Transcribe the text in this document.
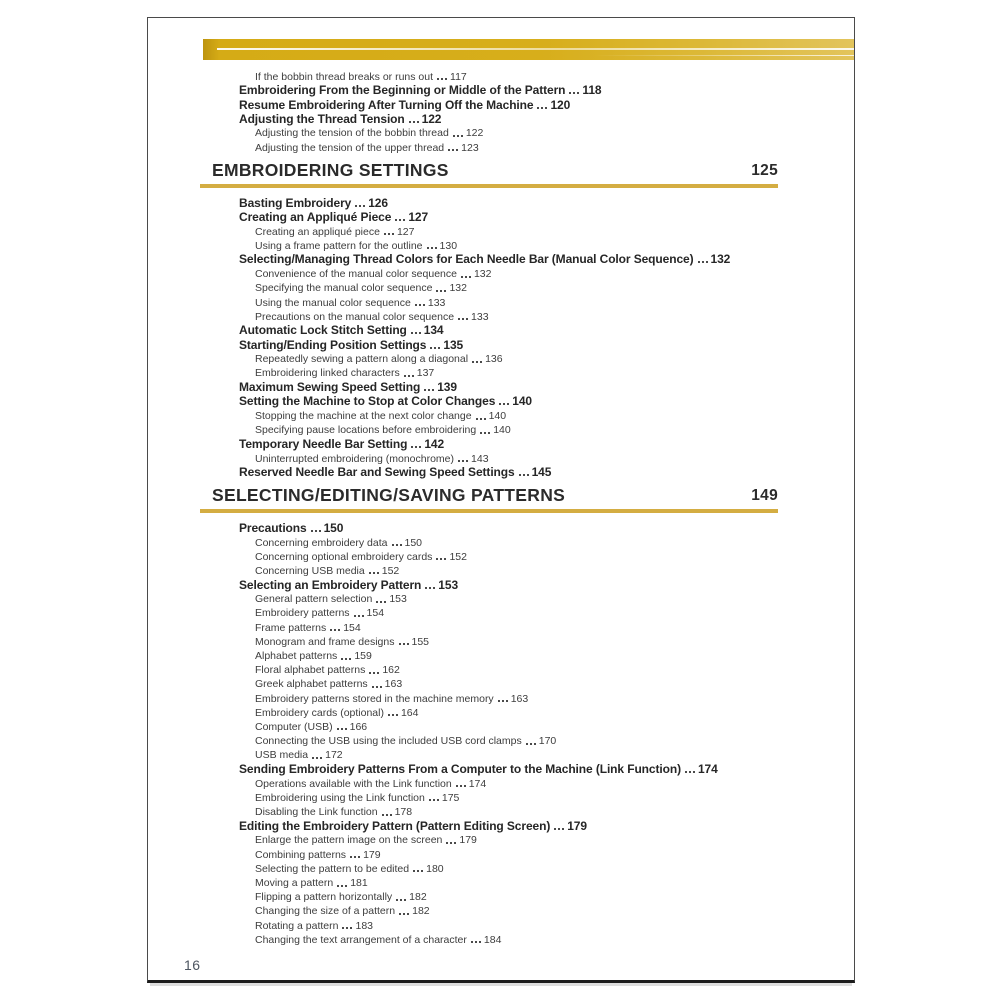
If the bobbin thread breaks or runs out 117
Embroidering From the Beginning or Middle of the Pattern 118
Resume Embroidering After Turning Off the Machine 120
Adjusting the Thread Tension 122
Adjusting the tension of the bobbin thread 122
Adjusting the tension of the upper thread 123
EMBROIDERING SETTINGS	125
Basting Embroidery 126
Creating an Appliqué Piece 127
Creating an appliqué piece 127
Using a frame pattern for the outline 130
Selecting/Managing Thread Colors for Each Needle Bar (Manual Color Sequence) 132
Convenience of the manual color sequence 132
Specifying the manual color sequence 132
Using the manual color sequence 133
Precautions on the manual color sequence 133
Automatic Lock Stitch Setting 134
Starting/Ending Position Settings 135
Repeatedly sewing a pattern along a diagonal 136
Embroidering linked characters 137
Maximum Sewing Speed Setting 139
Setting the Machine to Stop at Color Changes 140
Stopping the machine at the next color change 140
Specifying pause locations before embroidering 140
Temporary Needle Bar Setting 142
Uninterrupted embroidering (monochrome) 143
Reserved Needle Bar and Sewing Speed Settings 145
SELECTING/EDITING/SAVING PATTERNS	149
Precautions 150
Concerning embroidery data 150
Concerning optional embroidery cards 152
Concerning USB media 152
Selecting an Embroidery Pattern 153
General pattern selection 153
Embroidery patterns 154
Frame patterns 154
Monogram and frame designs 155
Alphabet patterns 159
Floral alphabet patterns 162
Greek alphabet patterns 163
Embroidery patterns stored in the machine memory 163
Embroidery cards (optional) 164
Computer (USB) 166
Connecting the USB using the included USB cord clamps 170
USB media 172
Sending Embroidery Patterns From a Computer to the Machine (Link Function) 174
Operations available with the Link function 174
Embroidering using the Link function 175
Disabling the Link function 178
Editing the Embroidery Pattern (Pattern Editing Screen) 179
Enlarge the pattern image on the screen 179
Combining patterns 179
Selecting the pattern to be edited 180
Moving a pattern 181
Flipping a pattern horizontally 182
Changing the size of a pattern 182
Rotating a pattern 183
Changing the text arrangement of a character 184
16
